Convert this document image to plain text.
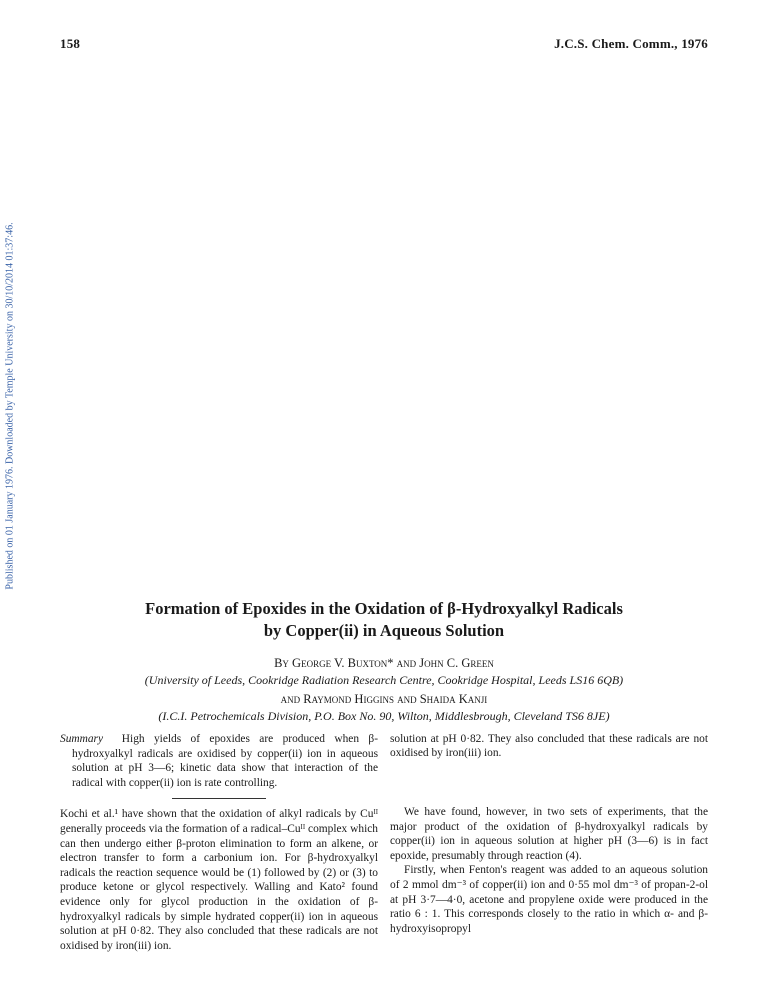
158	J.C.S. Chem. Comm., 1976
Published on 01 January 1976. Downloaded by Temple University on 30/10/2014 01:37:46.
Formation of Epoxides in the Oxidation of β-Hydroxyalkyl Radicals
by Copper(ii) in Aqueous Solution
By George V. Buxton* and John C. Green
(University of Leeds, Cookridge Radiation Research Centre, Cookridge Hospital, Leeds LS16 6QB)
and Raymond Higgins and Shaida Kanji
(I.C.I. Petrochemicals Division, P.O. Box No. 90, Wilton, Middlesbrough, Cleveland TS6 8JE)

Summary High yields of epoxides are produced when β-hydroxyalkyl radicals are oxidised by copper(ii) ion in aqueous solution at pH 3—6; kinetic data show that interaction of the radical with copper(ii) ion is rate controlling.

Kochi et al.¹ have shown that the oxidation of alkyl radicals by Cuᴵᴵ generally proceeds via the formation of a radical–Cuᴵᴵ complex which can then undergo either β-proton elimination to form an alkene, or electron transfer to form a carbonium ion. For β-hydroxyalkyl radicals the reaction sequence would be (1) followed by (2) or (3) to produce ketone or glycol respectively. Walling and Kato² found evidence only for glycol production in the oxidation of β-hydroxyalkyl radicals by simple hydrated copper(ii) ion in aqueous solution at pH 0·82. They also concluded that these radicals are not oxidised by iron(iii) ion.
solution at pH 0·82. They also concluded that these radicals are not oxidised by iron(iii) ion.

We have found, however, in two sets of experiments, that the major product of the oxidation of β-hydroxyalkyl radicals by copper(ii) ion in aqueous solution at higher pH (3—6) is in fact epoxide, presumably through reaction (4).

Firstly, when Fenton's reagent was added to an aqueous solution of 2 mmol dm⁻³ of copper(ii) ion and 0·55 mol dm⁻³ of propan-2-ol at pH 3·7—4·0, acetone and propylene oxide were produced in the ratio 6 : 1. This corresponds closely to the ratio in which α- and β-hydroxyisopropyl
